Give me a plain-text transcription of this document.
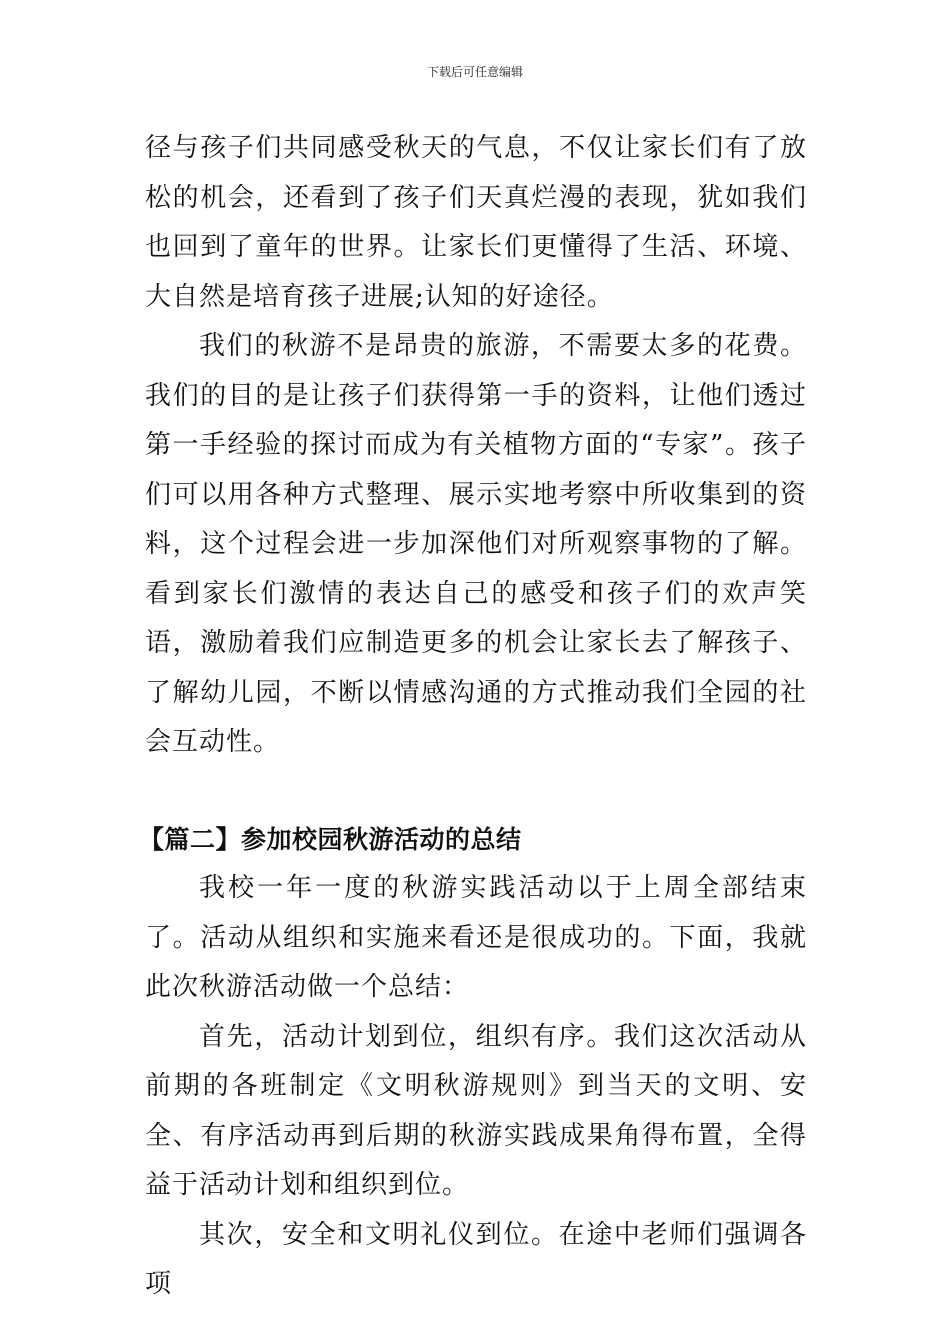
下载后可任意编辑

径与孩子们共同感受秋天的气息，不仅让家长们有了放松的机会，还看到了孩子们天真烂漫的表现，犹如我们也回到了童年的世界。让家长们更懂得了生活、环境、大自然是培育孩子进展;认知的好途径。

我们的秋游不是昂贵的旅游，不需要太多的花费。我们的目的是让孩子们获得第一手的资料，让他们透过第一手经验的探讨而成为有关植物方面的“专家”。孩子们可以用各种方式整理、展示实地考察中所收集到的资料，这个过程会进一步加深他们对所观察事物的了解。看到家长们激情的表达自己的感受和孩子们的欢声笑语，激励着我们应制造更多的机会让家长去了解孩子、了解幼儿园，不断以情感沟通的方式推动我们全园的社会互动性。

【篇二】参加校园秋游活动的总结

我校一年一度的秋游实践活动以于上周全部结束了。活动从组织和实施来看还是很成功的。下面，我就此次秋游活动做一个总结：

首先，活动计划到位，组织有序。我们这次活动从前期的各班制定《文明秋游规则》到当天的文明、安全、有序活动再到后期的秋游实践成果角得布置，全得益于活动计划和组织到位。

其次，安全和文明礼仪到位。在途中老师们强调各项
